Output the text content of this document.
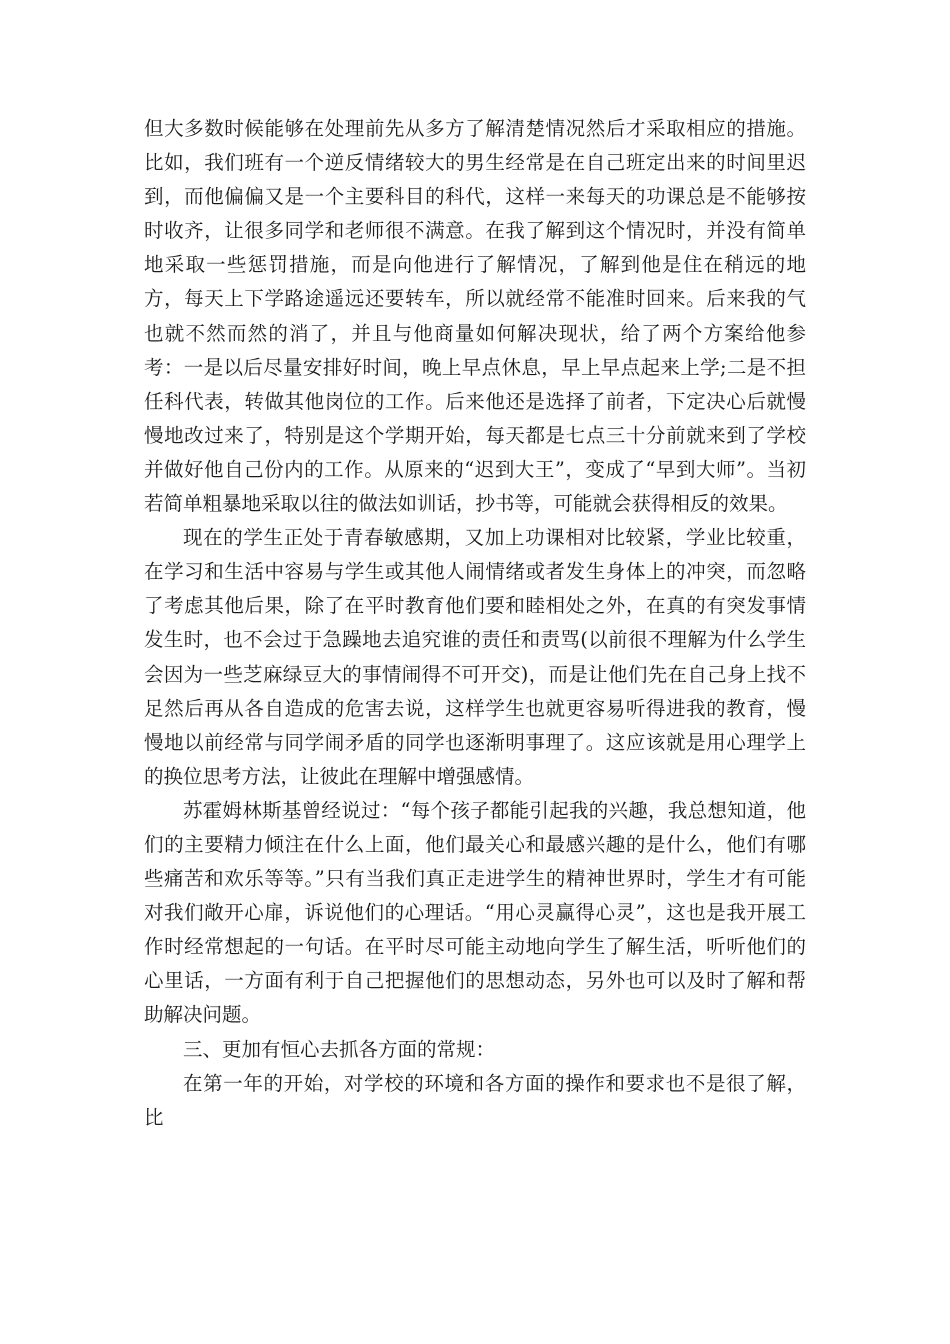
但大多数时候能够在处理前先从多方了解清楚情况然后才采取相应的措施。比如，我们班有一个逆反情绪较大的男生经常是在自己班定出来的时间里迟到，而他偏偏又是一个主要科目的科代，这样一来每天的功课总是不能够按时收齐，让很多同学和老师很不满意。在我了解到这个情况时，并没有简单地采取一些惩罚措施，而是向他进行了解情况，了解到他是住在稍远的地方，每天上下学路途遥远还要转车，所以就经常不能准时回来。后来我的气也就不然而然的消了，并且与他商量如何解决现状，给了两个方案给他参考：一是以后尽量安排好时间，晚上早点休息，早上早点起来上学;二是不担任科代表，转做其他岗位的工作。后来他还是选择了前者，下定决心后就慢慢地改过来了，特别是这个学期开始，每天都是七点三十分前就来到了学校并做好他自己份内的工作。从原来的“迟到大王”，变成了“早到大师”。当初若简单粗暴地采取以往的做法如训话，抄书等，可能就会获得相反的效果。

现在的学生正处于青春敏感期，又加上功课相对比较紧，学业比较重，在学习和生活中容易与学生或其他人闹情绪或者发生身体上的冲突，而忽略了考虑其他后果，除了在平时教育他们要和睦相处之外，在真的有突发事情发生时，也不会过于急躁地去追究谁的责任和责骂(以前很不理解为什么学生会因为一些芝麻绿豆大的事情闹得不可开交)，而是让他们先在自己身上找不足然后再从各自造成的危害去说，这样学生也就更容易听得进我的教育，慢慢地以前经常与同学闹矛盾的同学也逐渐明事理了。这应该就是用心理学上的换位思考方法，让彼此在理解中增强感情。

苏霍姆林斯基曾经说过：“每个孩子都能引起我的兴趣，我总想知道，他们的主要精力倾注在什么上面，他们最关心和最感兴趣的是什么，他们有哪些痛苦和欢乐等等。”只有当我们真正走进学生的精神世界时，学生才有可能对我们敞开心扉，诉说他们的心理话。“用心灵赢得心灵”，这也是我开展工作时经常想起的一句话。在平时尽可能主动地向学生了解生活，听听他们的心里话，一方面有利于自己把握他们的思想动态，另外也可以及时了解和帮助解决问题。

三、更加有恒心去抓各方面的常规：

在第一年的开始，对学校的环境和各方面的操作和要求也不是很了解，比
